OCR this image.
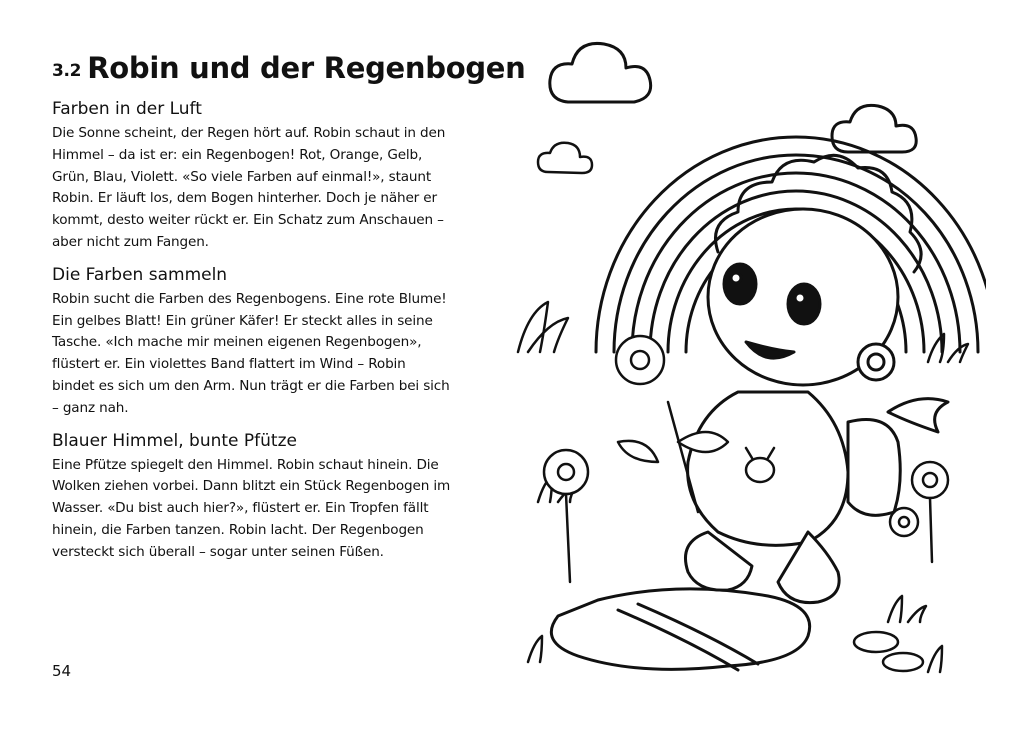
3.2 Robin und der Regenbogen
Farben in der Luft

Die Sonne scheint, der Regen hört auf. Robin schaut in den Himmel – da ist er: ein Regenbogen! Rot, Orange, Gelb, Grün, Blau, Violett. «So viele Farben auf einmal!», staunt Robin. Er läuft los, dem Bogen hinterher. Doch je näher er kommt, desto weiter rückt er. Ein Schatz zum Anschauen – aber nicht zum Fangen.

Die Farben sammeln

Robin sucht die Farben des Regenbogens. Eine rote Blume! Ein gelbes Blatt! Ein grüner Käfer! Er steckt alles in seine Tasche. «Ich mache mir meinen eigenen Regenbogen», flüstert er. Ein violettes Band flattert im Wind – Robin bindet es sich um den Arm. Nun trägt er die Farben bei sich – ganz nah.

Blauer Himmel, bunte Pfütze

Eine Pfütze spiegelt den Himmel. Robin schaut hinein. Die Wolken ziehen vorbei. Dann blitzt ein Stück Regenbogen im Wasser. «Du bist auch hier?», flüstert er. Ein Tropfen fällt hinein, die Farben tanzen. Robin lacht. Der Regenbogen versteckt sich überall – sogar unter seinen Füßen.

54
